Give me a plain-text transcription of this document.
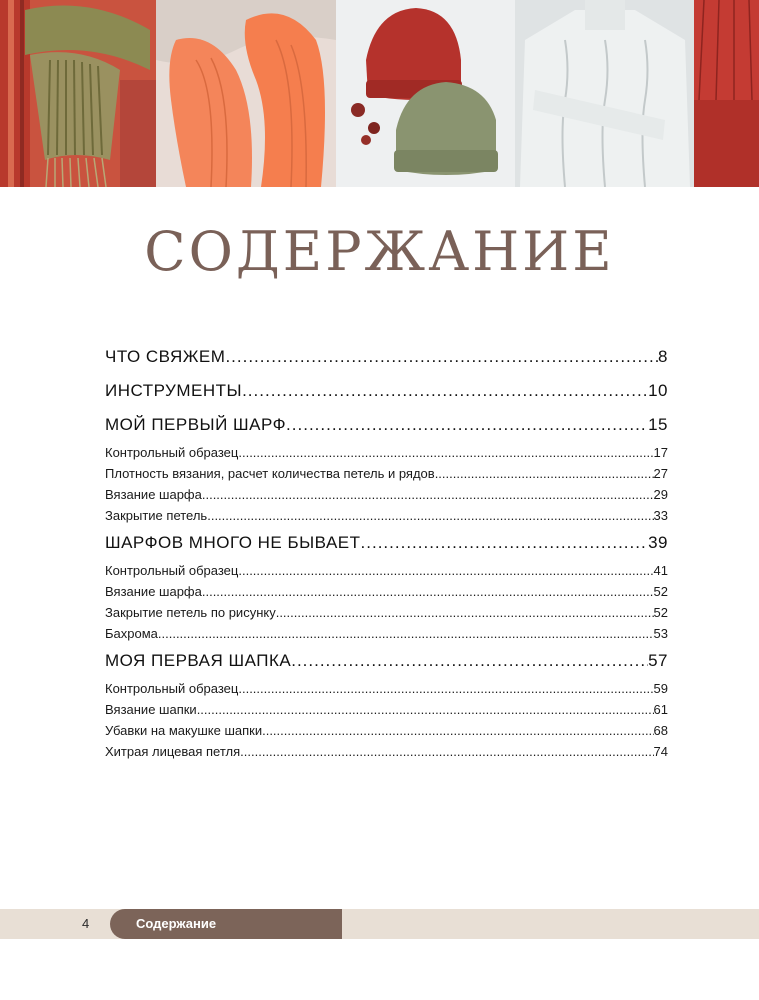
СОДЕРЖАНИЕ
ЧТО СВЯЖЕМ .....	8
ИНСТРУМЕНТЫ .....	10
МОЙ ПЕРВЫЙ ШАРФ .....	15
Контрольный образец .....	17
Плотность вязания, расчет количества петель и рядов .....	27
Вязание шарфа .....	29
Закрытие петель .....	33
ШАРФОВ МНОГО НЕ БЫВАЕТ .....	39
Контрольный образец .....	41
Вязание шарфа .....	52
Закрытие петель по рисунку .....	52
Бахрома .....	53
МОЯ ПЕРВАЯ ШАПКА .....	57
Контрольный образец .....	59
Вязание шапки .....	61
Убавки на макушке шапки .....	68
Хитрая лицевая петля .....	74
4	Содержание
